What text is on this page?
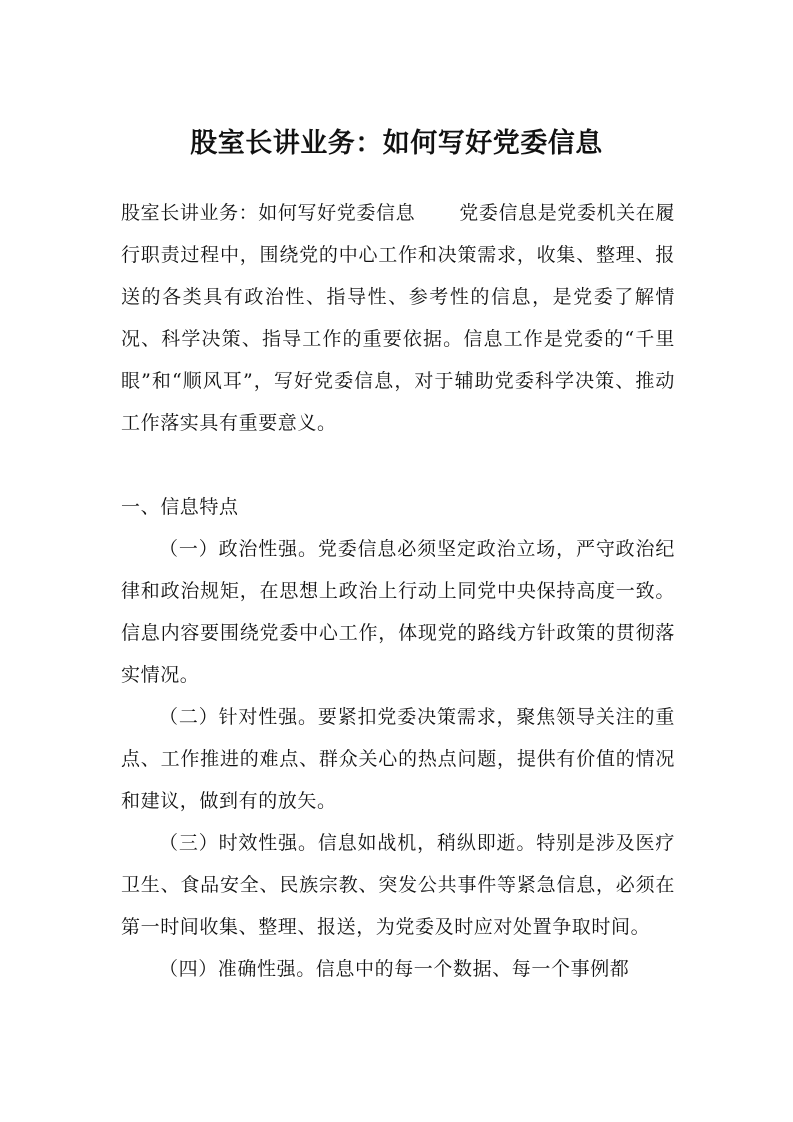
股室长讲业务：如何写好党委信息

股室长讲业务：如何写好党委信息 党委信息是党委机关在履行职责过程中，围绕党的中心工作和决策需求，收集、整理、报送的各类具有政治性、指导性、参考性的信息，是党委了解情况、科学决策、指导工作的重要依据。信息工作是党委的“千里眼”和“顺风耳”，写好党委信息，对于辅助党委科学决策、推动工作落实具有重要意义。

一、信息特点

（一）政治性强。党委信息必须坚定政治立场，严守政治纪律和政治规矩，在思想上政治上行动上同党中央保持高度一致。信息内容要围绕党委中心工作，体现党的路线方针政策的贯彻落实情况。

（二）针对性强。要紧扣党委决策需求，聚焦领导关注的重点、工作推进的难点、群众关心的热点问题，提供有价值的情况和建议，做到有的放矢。

（三）时效性强。信息如战机，稍纵即逝。特别是涉及医疗卫生、食品安全、民族宗教、突发公共事件等紧急信息，必须在第一时间收集、整理、报送，为党委及时应对处置争取时间。

（四）准确性强。信息中的每一个数据、每一个事例都
